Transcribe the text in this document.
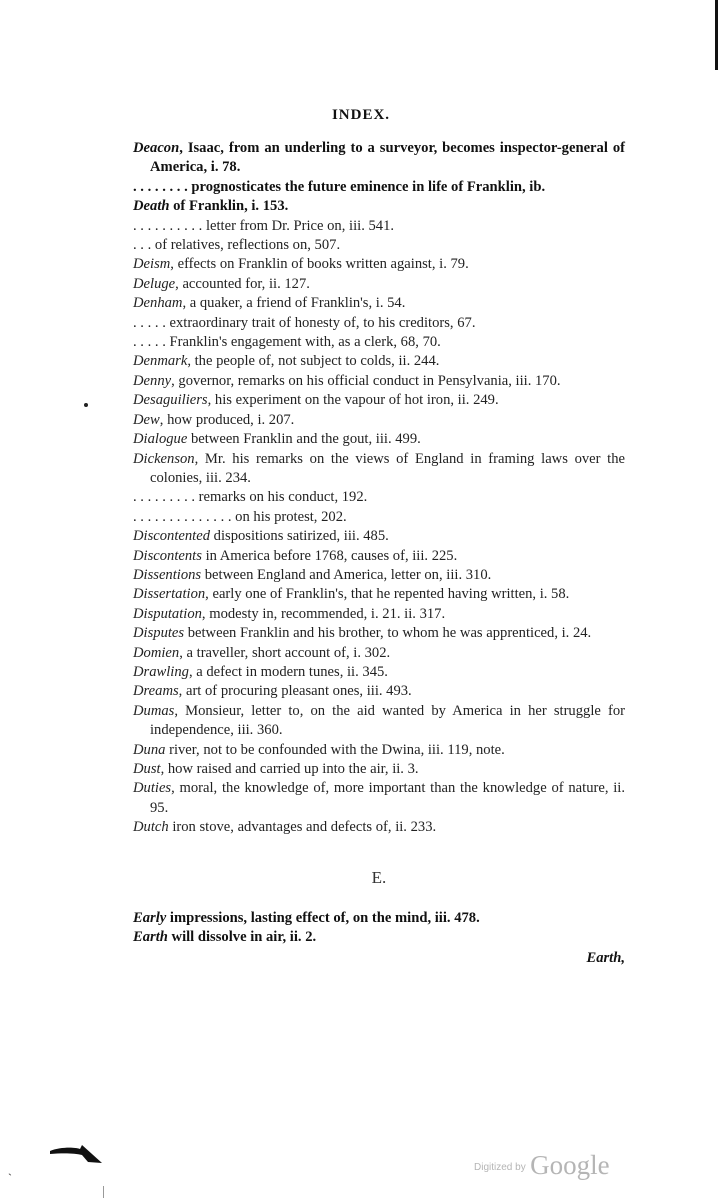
INDEX.
Deacon, Isaac, from an underling to a surveyor, becomes inspector-general of America, i. 78.
. . . . . . . . prognosticates the future eminence in life of Franklin, ib.
Death of Franklin, i. 153.
. . . . . . . . . . letter from Dr. Price on, iii. 541.
. . . of relatives, reflections on, 507.
Deism, effects on Franklin of books written against, i. 79.
Deluge, accounted for, ii. 127.
Denham, a quaker, a friend of Franklin's, i. 54.
. . . . . extraordinary trait of honesty of, to his creditors, 67.
. . . . . Franklin's engagement with, as a clerk, 68, 70.
Denmark, the people of, not subject to colds, ii. 244.
Denny, governor, remarks on his official conduct in Pensylvania, iii. 170.
Desaguiliers, his experiment on the vapour of hot iron, ii. 249.
Dew, how produced, i. 207.
Dialogue between Franklin and the gout, iii. 499.
Dickenson, Mr. his remarks on the views of England in framing laws over the colonies, iii. 234.
. . . . . . . . . remarks on his conduct, 192.
. . . . . . . . . . . . . . on his protest, 202.
Discontented dispositions satirized, iii. 485.
Discontents in America before 1768, causes of, iii. 225.
Dissentions between England and America, letter on, iii. 310.
Dissertation, early one of Franklin's, that he repented having written, i. 58.
Disputation, modesty in, recommended, i. 21. ii. 317.
Disputes between Franklin and his brother, to whom he was apprenticed, i. 24.
Domien, a traveller, short account of, i. 302.
Drawling, a defect in modern tunes, ii. 345.
Dreams, art of procuring pleasant ones, iii. 493.
Dumas, Monsieur, letter to, on the aid wanted by America in her struggle for independence, iii. 360.
Duna river, not to be confounded with the Dwina, iii. 119, note.
Dust, how raised and carried up into the air, ii. 3.
Duties, moral, the knowledge of, more important than the knowledge of nature, ii. 95.
Dutch iron stove, advantages and defects of, ii. 233.
E.
Early impressions, lasting effect of, on the mind, iii. 478.
Earth will dissolve in air, ii. 2.
Earth,
ˎ	$^{Digitized by}$ Google
